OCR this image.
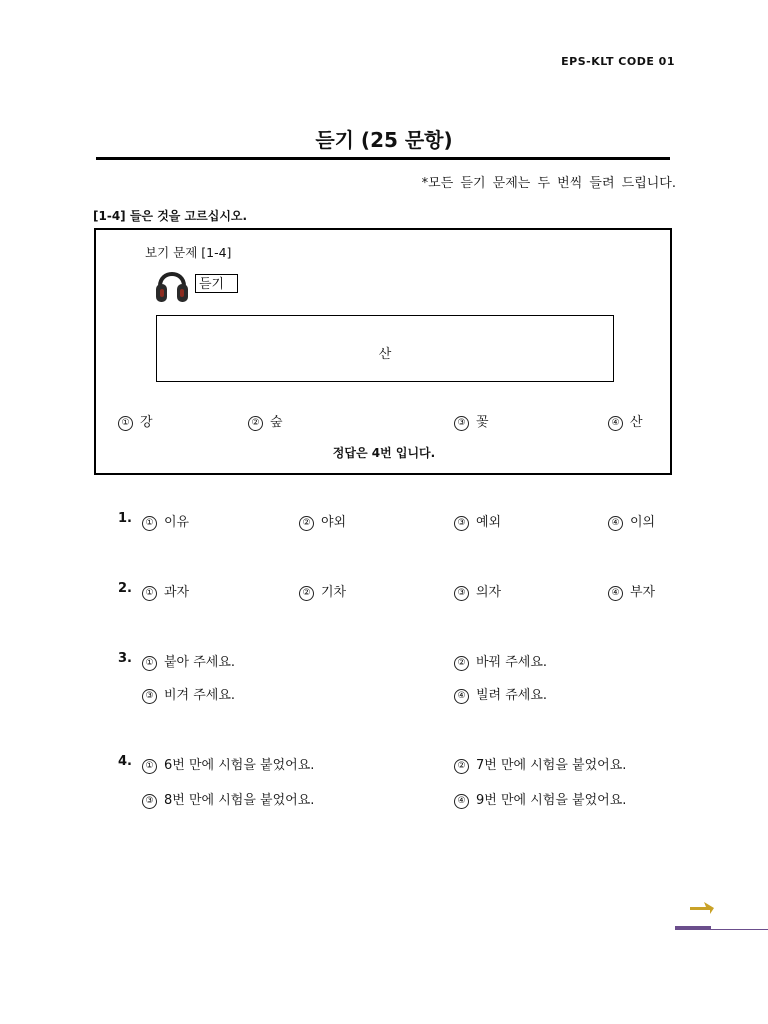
EPS-KLT CODE 01
듣기 (25 문항)
*모든 듣기 문제는 두 번씩 들려 드립니다.
[1-4] 들은 것을 고르십시오.
보기 문제 [1-4]
듣기
산
① 강	② 숲	③ 꽃	④ 산
정답은 4번 입니다.
1.	① 이유	② 야외	③ 예외	④ 이의
2.	① 과자	② 기차	③ 의자	④ 부자
3.	① 붙아 주세요.	② 바꿔 주세요.
③ 비겨 주세요.	④ 빌려 쥬세요.
4.	① 6번 만에 시험을 붙었어요.	② 7번 만에 시험을 붙었어요.
③ 8번 만에 시험을 붙었어요.	④ 9번 만에 시험을 붙었어요.
